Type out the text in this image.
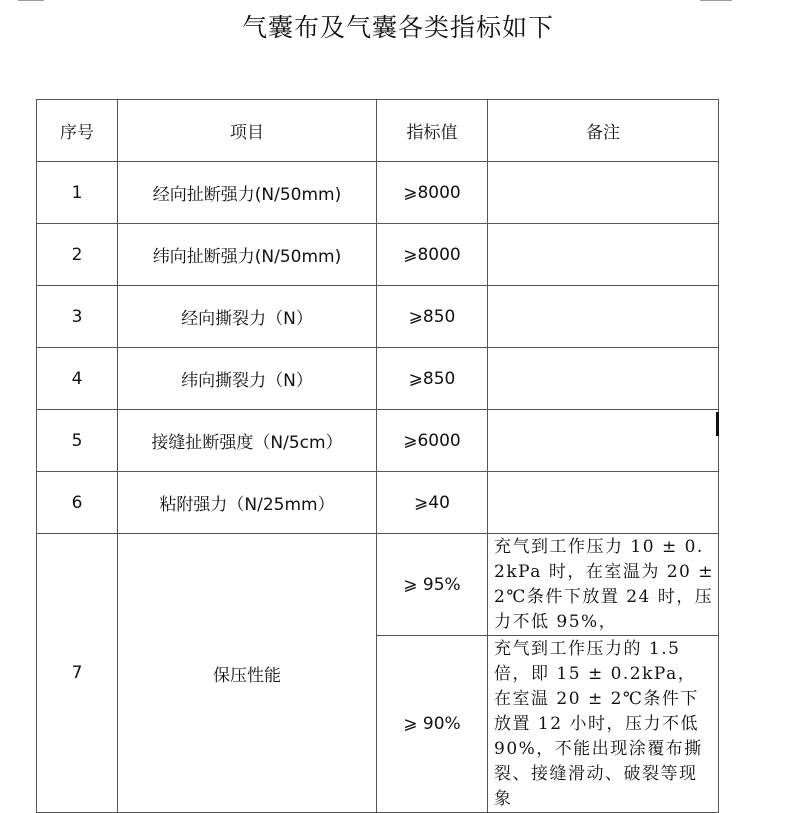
气囊布及气囊各类指标如下
序号	项目	指标值	备注
1	经向扯断强力(N/50mm)	⩾8000	
2	纬向扯断强力(N/50mm)	⩾8000	
3	经向撕裂力（N）	⩾850	
4	纬向撕裂力（N）	⩾850	
5	接缝扯断强度（N/5cm）	⩾6000	
6	粘附强力（N/25mm）	⩾40	
7	保压性能	⩾ 95%	充气到工作压力 10 ± 0.2kPa 时，在室温为 20 ± 2℃条件下放置 24 时，压力不低 95%，
		⩾ 90%	充气到工作压力的 1.5 倍，即 15 ± 0.2kPa，在室温 20 ± 2℃条件下放置 12 小时，压力不低 90%，不能出现涂覆布撕裂、接缝滑动、破裂等现象
